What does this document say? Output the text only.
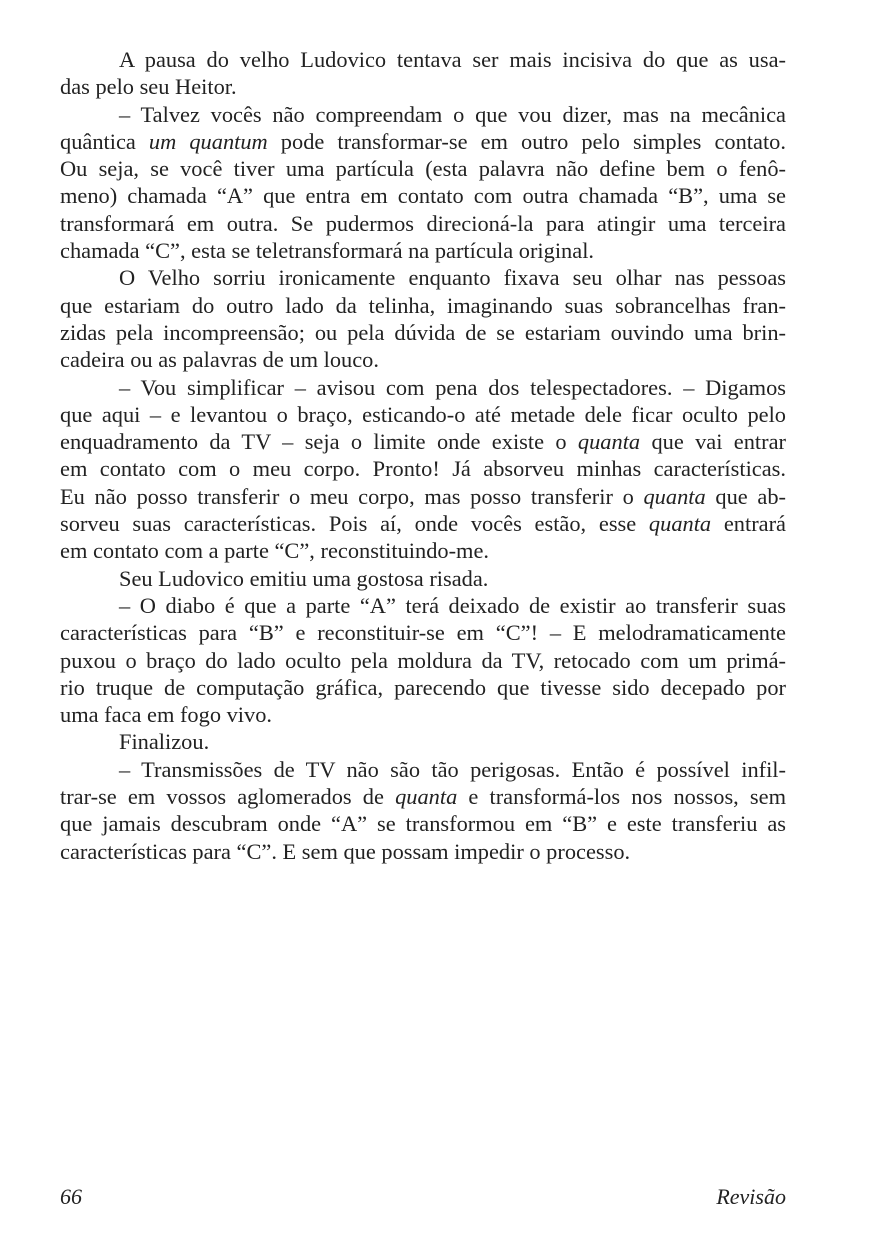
A pausa do velho Ludovico tentava ser mais incisiva do que as usa-
das pelo seu Heitor.
– Talvez vocês não compreendam o que vou dizer, mas na mecânica
quântica um quantum pode transformar-se em outro pelo simples contato.
Ou seja, se você tiver uma partícula (esta palavra não define bem o fenô-
meno) chamada “A” que entra em contato com outra chamada “B”, uma se
transformará em outra. Se pudermos direcioná-la para atingir uma terceira
chamada “C”, esta se teletransformará na partícula original.
O Velho sorriu ironicamente enquanto fixava seu olhar nas pessoas
que estariam do outro lado da telinha, imaginando suas sobrancelhas fran-
zidas pela incompreensão; ou pela dúvida de se estariam ouvindo uma brin-
cadeira ou as palavras de um louco.
– Vou simplificar – avisou com pena dos telespectadores. – Digamos
que aqui – e levantou o braço, esticando-o até metade dele ficar oculto pelo
enquadramento da TV – seja o limite onde existe o quanta que vai entrar
em contato com o meu corpo. Pronto! Já absorveu minhas características.
Eu não posso transferir o meu corpo, mas posso transferir o quanta que ab-
sorveu suas características. Pois aí, onde vocês estão, esse quanta entrará
em contato com a parte “C”, reconstituindo-me.
Seu Ludovico emitiu uma gostosa risada.
– O diabo é que a parte “A” terá deixado de existir ao transferir suas
características para “B” e reconstituir-se em “C”! – E melodramaticamente
puxou o braço do lado oculto pela moldura da TV, retocado com um primá-
rio truque de computação gráfica, parecendo que tivesse sido decepado por
uma faca em fogo vivo.
Finalizou.
– Transmissões de TV não são tão perigosas. Então é possível infil-
trar-se em vossos aglomerados de quanta e transformá-los nos nossos, sem
que jamais descubram onde “A” se transformou em “B” e este transferiu as
características para “C”. E sem que possam impedir o processo.
66	Revisão
